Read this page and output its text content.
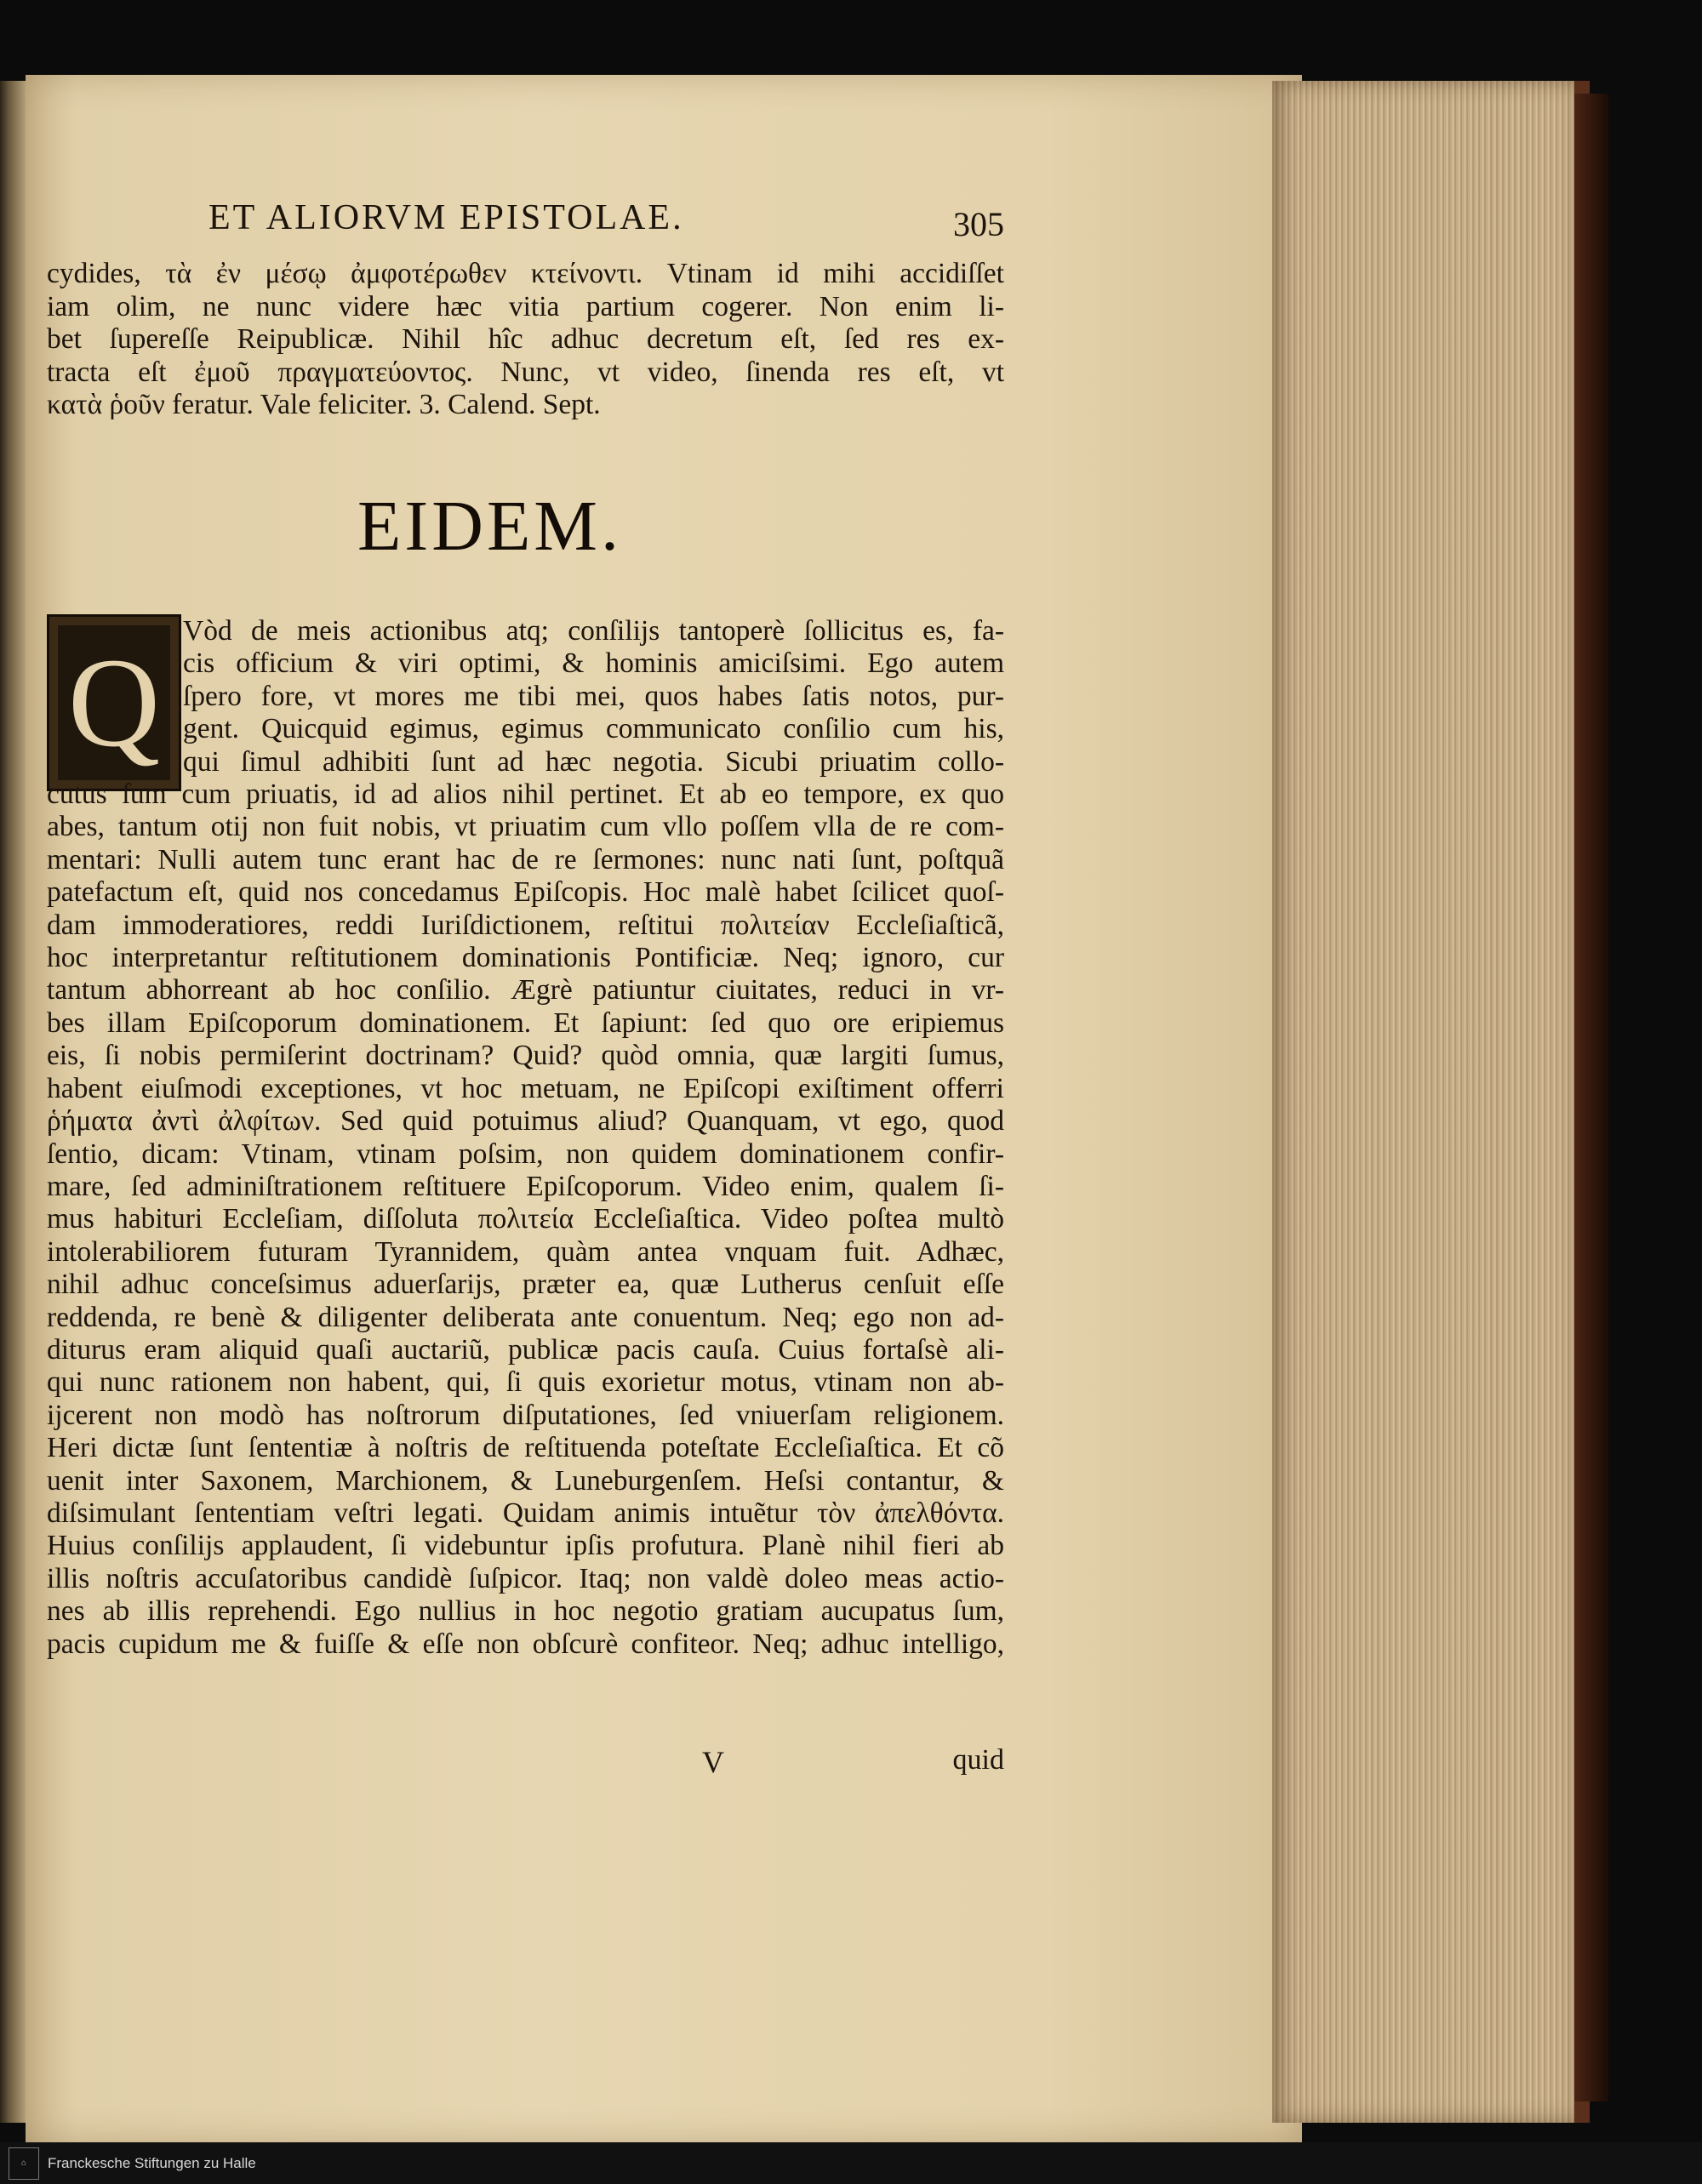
ET ALIORVM EPISTOLAE.	305
cydides, τὰ ἐν μέσῳ ἀμφοτέρωθεν κτείνοντι. Vtinam id mihi accidiſſet
iam olim, ne nunc videre hæc vitia partium cogerer. Non enim li-
bet ſupereſſe Reipublicæ. Nihil hîc adhuc decretum eſt, ſed res ex-
tracta eſt ἐμοῦ πραγματεύοντος. Nunc, vt video, ſinenda res eſt, vt
κατὰ ῥοῦν feratur. Vale feliciter. 3. Calend. Sept.
EIDEM.
Q
Vòd de meis actionibus atq; conſilijs tantoperè ſollicitus es, fa-
cis officium & viri optimi, & hominis amiciſsimi. Ego autem
ſpero fore, vt mores me tibi mei, quos habes ſatis notos, pur-
gent. Quicquid egimus, egimus communicato conſilio cum his,
qui ſimul adhibiti ſunt ad hæc negotia. Sicubi priuatim collo-
cutus ſum cum priuatis, id ad alios nihil pertinet. Et ab eo tempore, ex quo
abes, tantum otij non fuit nobis, vt priuatim cum vllo poſſem vlla de re com-
mentari: Nulli autem tunc erant hac de re ſermones: nunc nati ſunt, poſtquã
patefactum eſt, quid nos concedamus Epiſcopis. Hoc malè habet ſcilicet quoſ-
dam immoderatiores, reddi Iuriſdictionem, reſtitui πολιτείαν Eccleſiaſticã,
hoc interpretantur reſtitutionem dominationis Pontificiæ. Neq; ignoro, cur
tantum abhorreant ab hoc conſilio. Ægrè patiuntur ciuitates, reduci in vr-
bes illam Epiſcoporum dominationem. Et ſapiunt: ſed quo ore eripiemus
eis, ſi nobis permiſerint doctrinam? Quid? quòd omnia, quæ largiti ſumus,
habent eiuſmodi exceptiones, vt hoc metuam, ne Epiſcopi exiſtiment offerri
ῥήματα ἀντὶ ἀλφίτων. Sed quid potuimus aliud? Quanquam, vt ego, quod
ſentio, dicam: Vtinam, vtinam poſsim, non quidem dominationem confir-
mare, ſed adminiſtrationem reſtituere Epiſcoporum. Video enim, qualem ſi-
mus habituri Eccleſiam, diſſoluta πολιτεία Eccleſiaſtica. Video poſtea multò
intolerabiliorem futuram Tyrannidem, quàm antea vnquam fuit. Adhæc,
nihil adhuc conceſsimus aduerſarijs, præter ea, quæ Lutherus cenſuit eſſe
reddenda, re benè & diligenter deliberata ante conuentum. Neq; ego non ad-
diturus eram aliquid quaſi auctariũ, publicæ pacis cauſa. Cuius fortaſsè ali-
qui nunc rationem non habent, qui, ſi quis exorietur motus, vtinam non ab-
ijcerent non modò has noſtrorum diſputationes, ſed vniuerſam religionem.
Heri dictæ ſunt ſententiæ à noſtris de reſtituenda poteſtate Eccleſiaſtica. Et cõ
uenit inter Saxonem, Marchionem, & Luneburgenſem. Heſsi contantur, &
diſsimulant ſententiam veſtri legati. Quidam animis intuẽtur τὸν ἀπελθόντα.
Huius conſilijs applaudent, ſi videbuntur ipſis profutura. Planè nihil fieri ab
illis noſtris accuſatoribus candidè ſuſpicor. Itaq; non valdè doleo meas actio-
nes ab illis reprehendi. Ego nullius in hoc negotio gratiam aucupatus ſum,
pacis cupidum me & fuiſſe & eſſe non obſcurè confiteor. Neq; adhuc intelligo,
V	quid
⌂	Franckesche Stiftungen zu Halle
